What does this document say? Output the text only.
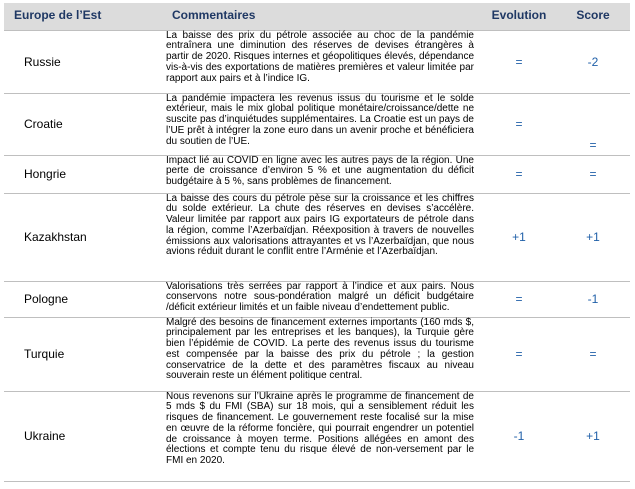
Europe de l’Est	Commentaires	Evolution	Score
Russie	La baisse des prix du pétrole associée au choc de la pandémie entraînera une diminution des réserves de devises étrangères à partir de 2020. Risques internes et géopolitiques élevés, dépendance vis-à-vis des exportations de matières premières et valeur limitée par rapport aux pairs et à l’indice IG.	=	-2
Croatie	La pandémie impactera les revenus issus du tourisme et le solde extérieur, mais le mix global politique monétaire/croissance/dette ne suscite pas d’inquiétudes supplémentaires. La Croatie est un pays de l’UE prêt à intégrer la zone euro dans un avenir proche et bénéficiera du soutien de l’UE.	=	=
Hongrie	Impact lié au COVID en ligne avec les autres pays de la région. Une perte de croissance d’environ 5 % et une augmentation du déficit budgétaire à 5 %, sans problèmes de financement.	=	=
Kazakhstan	La baisse des cours du pétrole pèse sur la croissance et les chiffres du solde extérieur. La chute des réserves en devises s’accélère. Valeur limitée par rapport aux pairs IG exportateurs de pétrole dans la région, comme l’Azerbaïdjan. Réexposition à travers de nouvelles émissions aux valorisations attrayantes et vs l’Azerbaïdjan, que nous avions réduit durant le conflit entre l’Arménie et l’Azerbaïdjan.	+1	+1
Pologne	Valorisations très serrées par rapport à l’indice et aux pairs. Nous conservons notre sous-pondération malgré un déficit budgétaire /déficit extérieur limités et un faible niveau d’endettement public.	=	-1
Turquie	Malgré des besoins de financement externes importants (160 mds $, principalement par les entreprises et les banques), la Turquie gère bien l’épidémie de COVID. La perte des revenus issus du tourisme est compensée par la baisse des prix du pétrole ; la gestion conservatrice de la dette et des paramètres fiscaux au niveau souverain reste un élément politique central.	=	=
Ukraine	Nous revenons sur l’Ukraine après le programme de financement de 5 mds $ du FMI (SBA) sur 18 mois, qui a sensiblement réduit les risques de financement. Le gouvernement reste focalisé sur la mise en œuvre de la réforme foncière, qui pourrait engendrer un potentiel de croissance à moyen terme. Positions allégées en amont des élections et compte tenu du risque élevé de non-versement par le FMI en 2020.	-1	+1
